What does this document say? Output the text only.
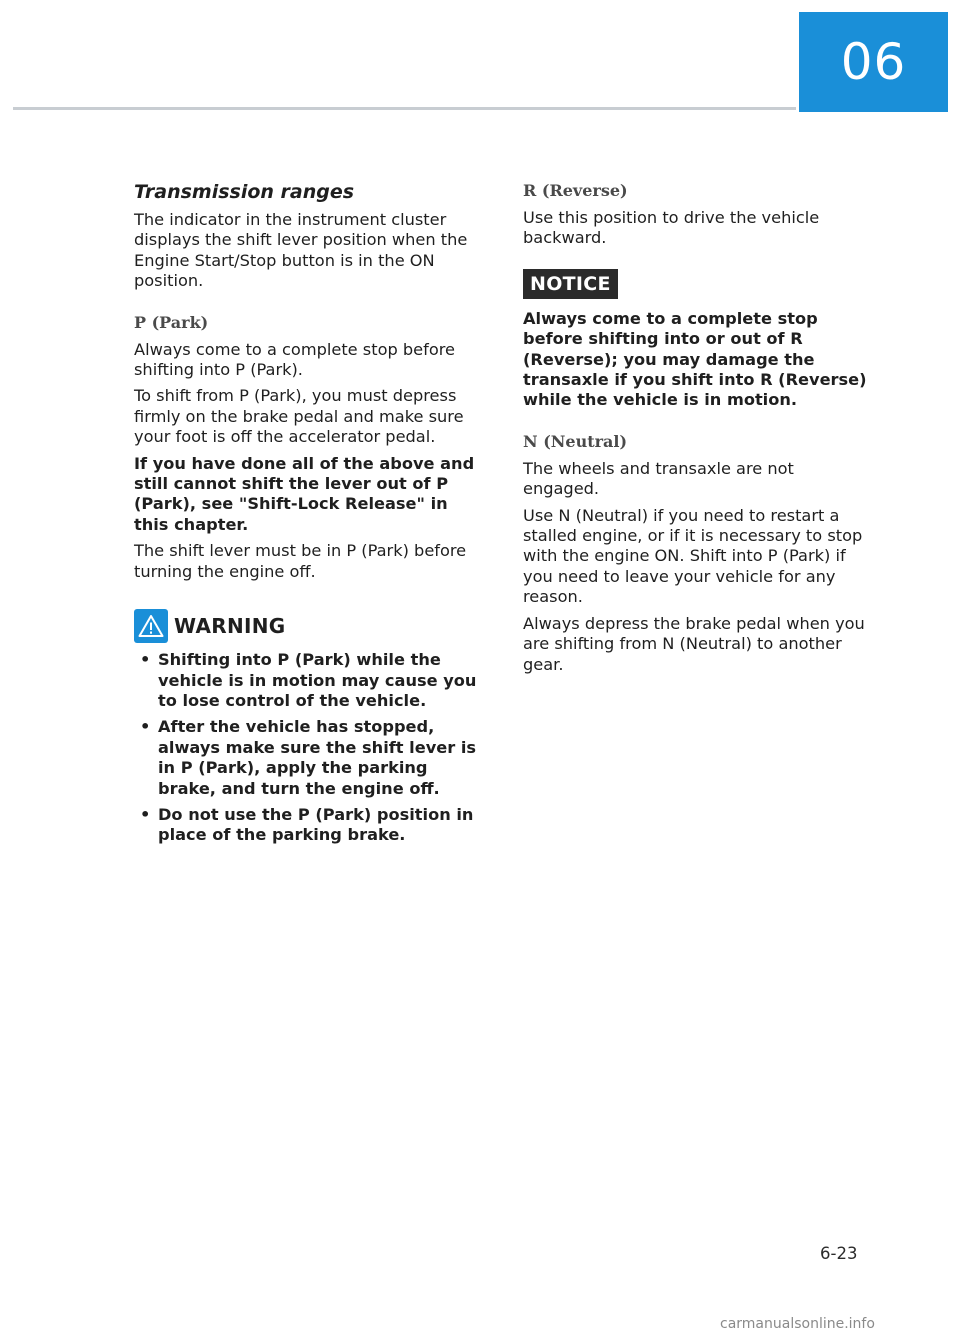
06
Transmission ranges

The indicator in the instrument cluster displays the shift lever position when the Engine Start/Stop button is in the ON position.

P (Park)

Always come to a complete stop before shifting into P (Park).

To shift from P (Park), you must depress firmly on the brake pedal and make sure your foot is off the accelerator pedal.

If you have done all of the above and still cannot shift the lever out of P (Park), see "Shift-Lock Release" in this chapter.

The shift lever must be in P (Park) before turning the engine off.

WARNING
• Shifting into P (Park) while the vehicle is in motion may cause you to lose control of the vehicle.
• After the vehicle has stopped, always make sure the shift lever is in P (Park), apply the parking brake, and turn the engine off.
• Do not use the P (Park) position in place of the parking brake.
R (Reverse)

Use this position to drive the vehicle backward.

NOTICE

Always come to a complete stop before shifting into or out of R (Reverse); you may damage the transaxle if you shift into R (Reverse) while the vehicle is in motion.

N (Neutral)

The wheels and transaxle are not engaged.

Use N (Neutral) if you need to restart a stalled engine, or if it is necessary to stop with the engine ON. Shift into P (Park) if you need to leave your vehicle for any reason.

Always depress the brake pedal when you are shifting from N (Neutral) to another gear.

6-23
carmanualsonline.info
